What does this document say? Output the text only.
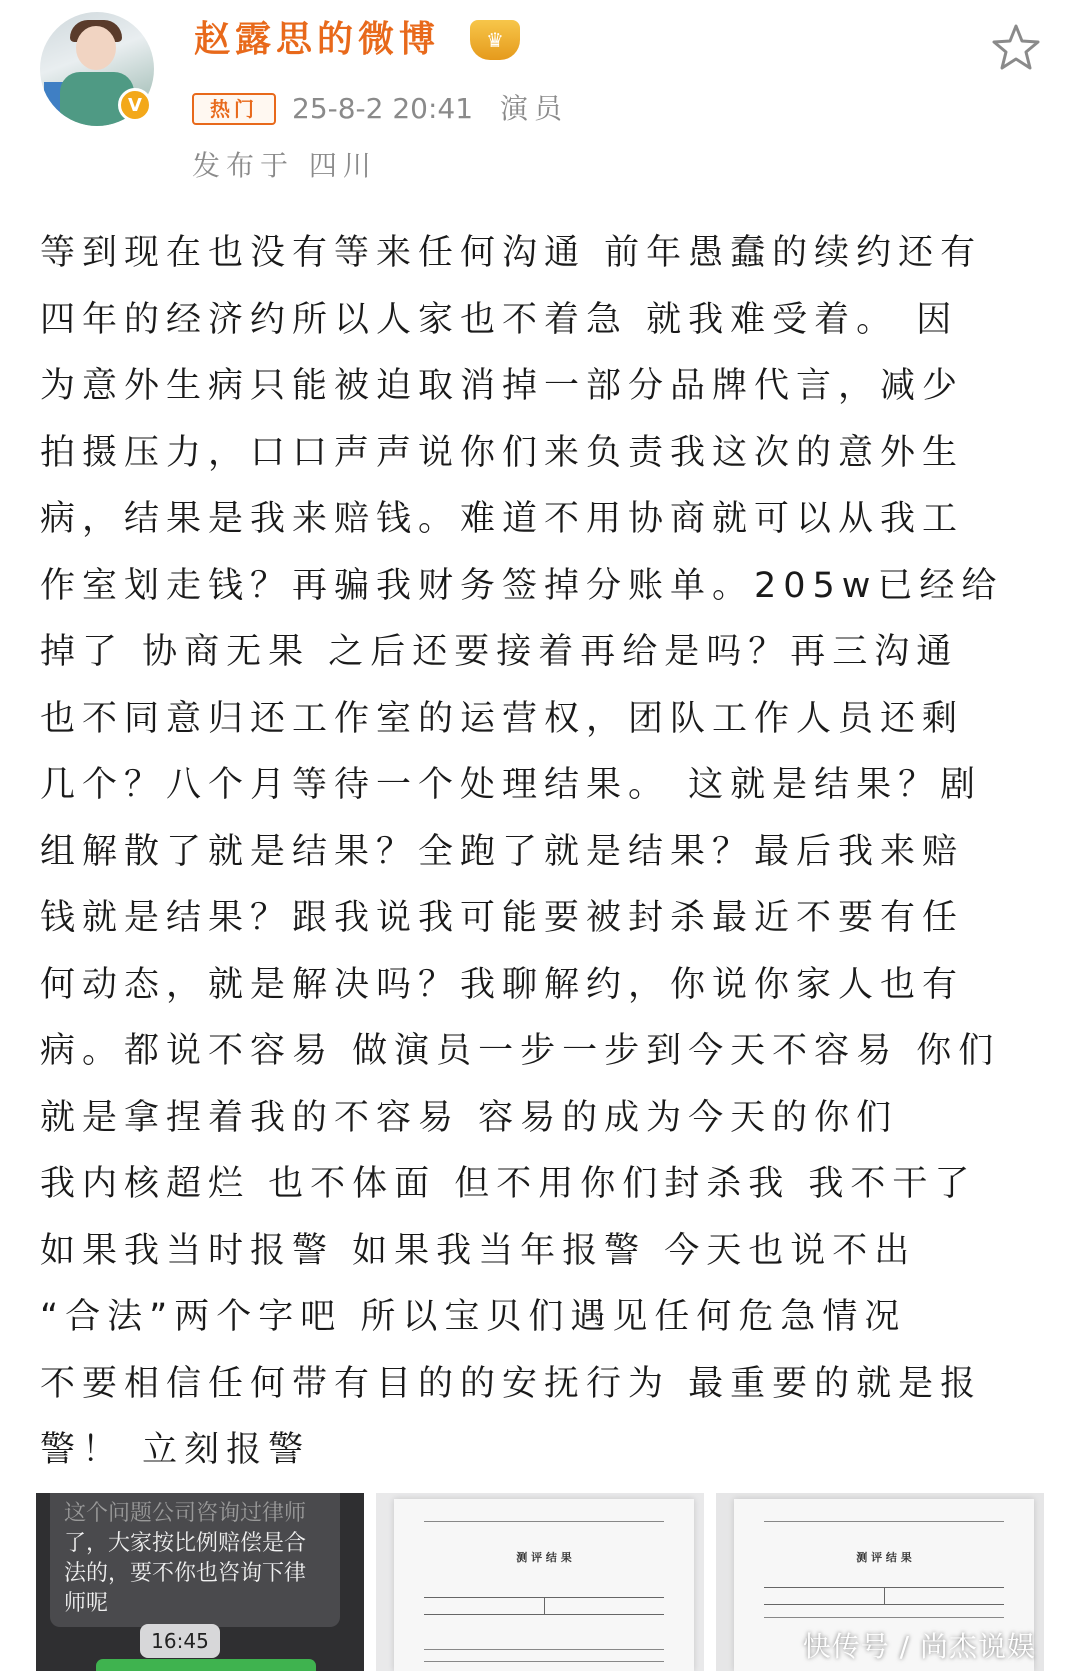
V
赵露思的微博	♛
热门	25-8-2 20:41 演员
发布于 四川
等到现在也没有等来任何沟通 前年愚蠢的续约还有
四年的经济约所以人家也不着急 就我难受着。 因
为意外生病只能被迫取消掉一部分品牌代言，减少
拍摄压力，口口声声说你们来负责我这次的意外生
病，结果是我来赔钱。难道不用协商就可以从我工
作室划走钱？再骗我财务签掉分账单。205w已经给
掉了 协商无果 之后还要接着再给是吗？再三沟通
也不同意归还工作室的运营权，团队工作人员还剩
几个？八个月等待一个处理结果。 这就是结果？剧
组解散了就是结果？全跑了就是结果？最后我来赔
钱就是结果？跟我说我可能要被封杀最近不要有任
何动态，就是解决吗？我聊解约，你说你家人也有
病。都说不容易 做演员一步一步到今天不容易 你们
就是拿捏着我的不容易 容易的成为今天的你们
我内核超烂 也不体面 但不用你们封杀我 我不干了
如果我当时报警 如果我当年报警 今天也说不出
“合法”两个字吧 所以宝贝们遇见任何危急情况
不要相信任何带有目的的安抚行为 最重要的就是报
警！ 立刻报警
这个问题公司咨询过律师
了，大家按比例赔偿是合
法的，要不你也咨询下律
师呢
16:45
测 评 结 果	测 评 结 果
快传号 / 尚杰说娱
